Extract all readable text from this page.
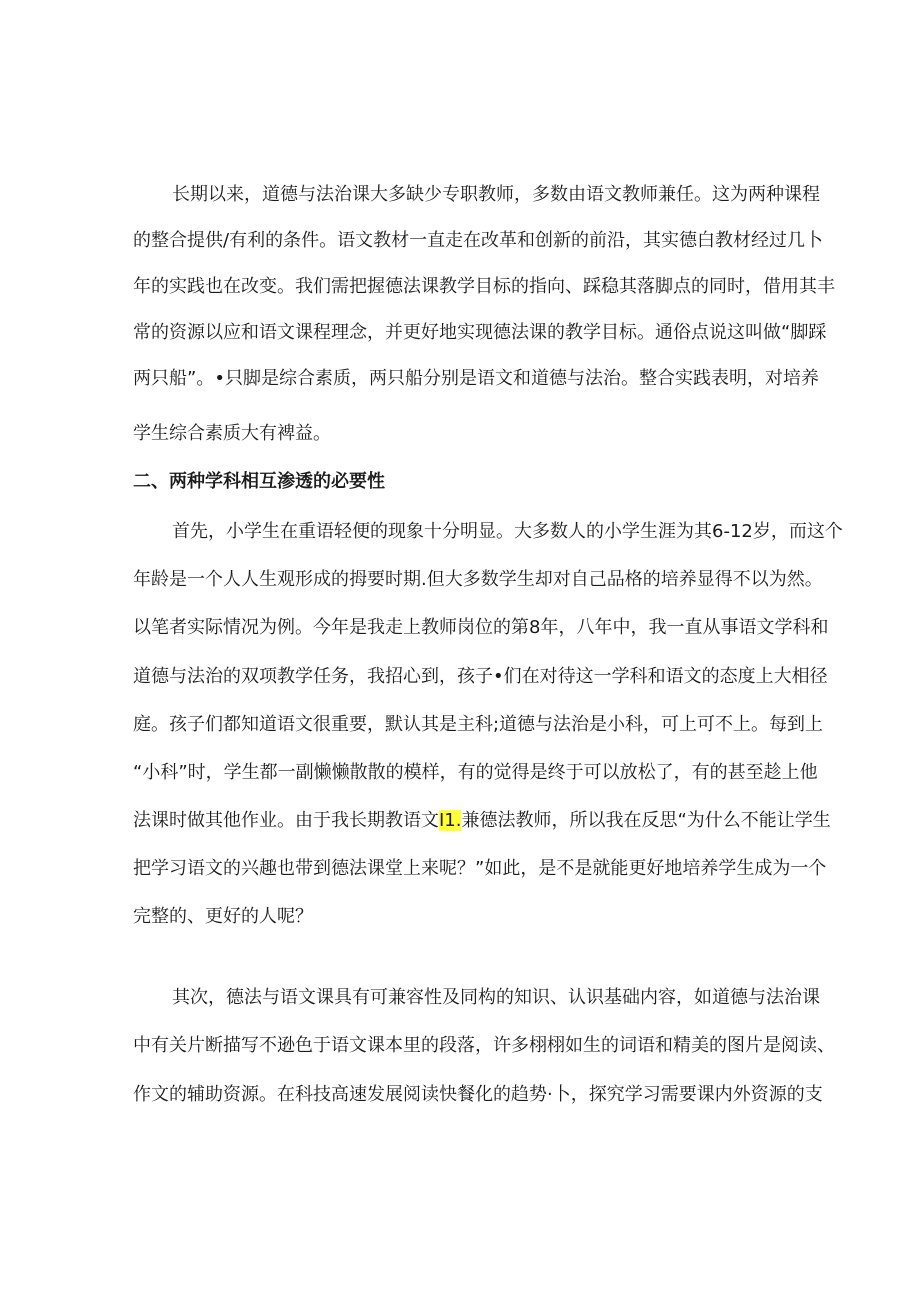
长期以来，道德与法治课大多缺少专职教师，多数由语文教师兼任。这为两种课程
的整合提供/有利的条件。语文教材一直走在改革和创新的前沿，其实德白教材经过几卜
年的实践也在改变。我们需把握德法课教学目标的指向、踩稳其落脚点的同时，借用其丰
常的资源以应和语文课程理念，并更好地实现德法课的教学目标。通俗点说这叫做“脚踩
两只船”。•只脚是综合素质，两只船分别是语文和道德与法治。整合实践表明，对培养
学生综合素质大有裨益。
二、两种学科相互渗透的必要性
首先，小学生在重语轻便的现象十分明显。大多数人的小学生涯为其6-12岁，而这个
年龄是一个人人生观形成的拇要时期.但大多数学生却对自己品格的培养显得不以为然。
以笔者实际情况为例。今年是我走上教师岗位的第8年，八年中，我一直从事语文学科和
道德与法治的双项教学任务，我招心到，孩子•们在对待这一学科和语文的态度上大相径
庭。孩子们都知道语文很重要，默认其是主科;道德与法治是小科，可上可不上。每到上
“小科”时，学生都一副懒懒散散的模样，有的觉得是终于可以放松了，有的甚至趁上他
法课时做其他作业。由于我长期教语文I1.兼德法教师，所以我在反思“为什么不能让学生
把学习语文的兴趣也带到德法课堂上来呢？”如此，是不是就能更好地培养学生成为一个
完整的、更好的人呢？
其次，德法与语文课具有可兼容性及同构的知识、认识基础内容，如道德与法治课
中有关片断描写不逊色于语文课本里的段落，许多栩栩如生的词语和精美的图片是阅读、
作文的辅助资源。在科技高速发展阅读快餐化的趋势·卜，探究学习需要课内外资源的支
